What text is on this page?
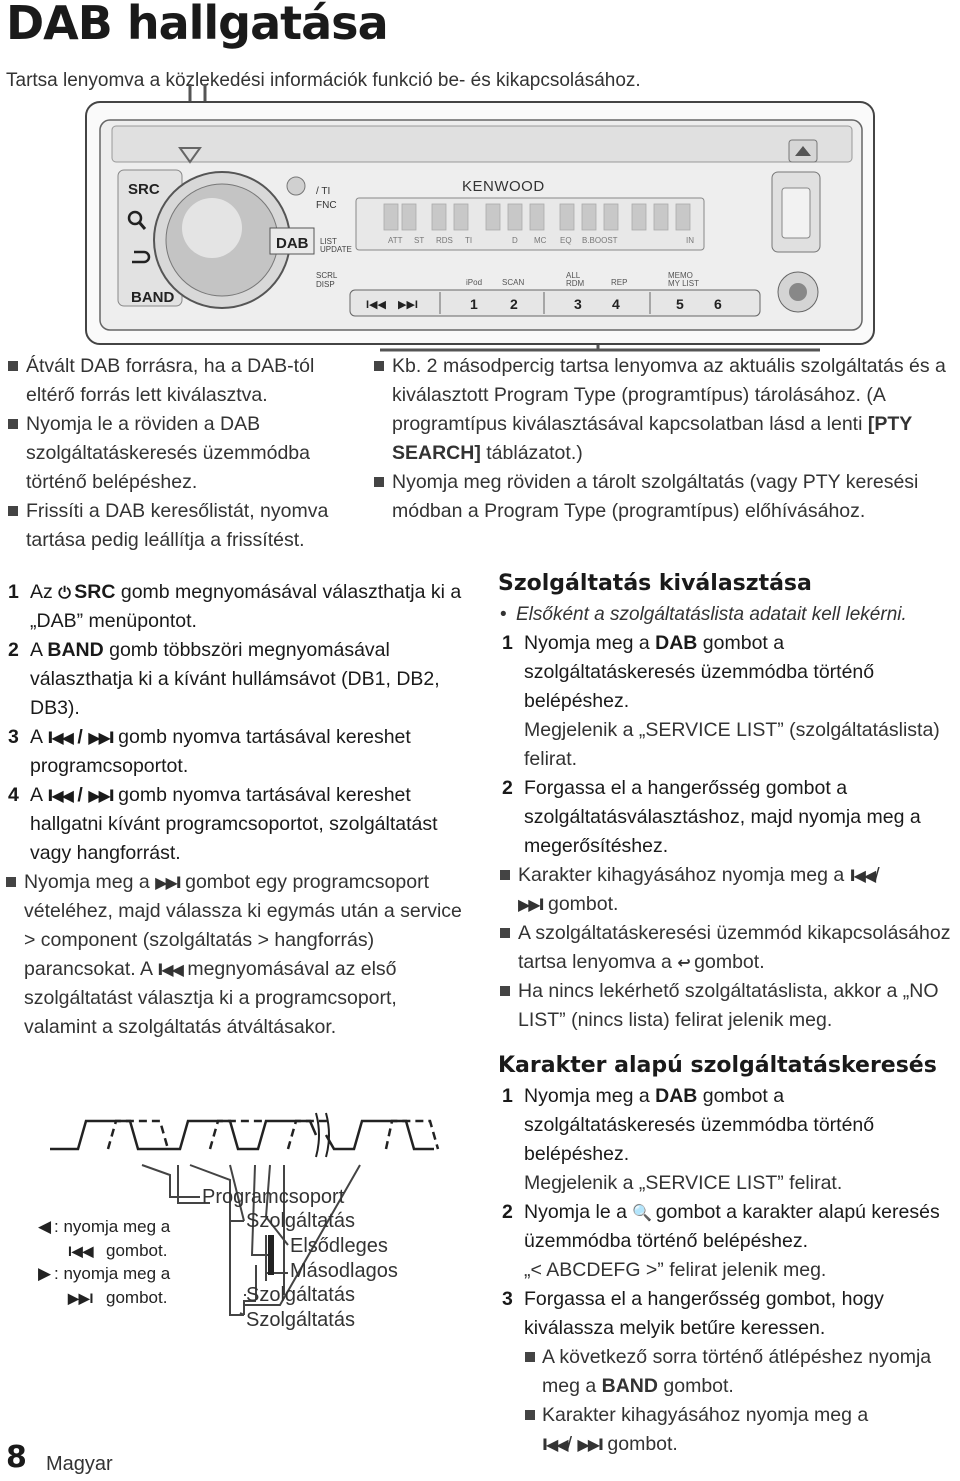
DAB hallgatása

Tartsa lenyomva a közlekedési információk funkció be- és kikapcsolásához.

SRC
BAND
/ TI
FNC
DAB LIST
UPDATE
SCRL
DISP
KENWOOD
ATT ST RDS TI	D MC EQ B.BOOST	IN
iPod SCAN
ALL
RDM	REP
MEMO
MY LIST
I◀◀ ▶▶I	1 2	3 4	5 6
Átvált DAB forrásra, ha a DAB-tól eltérő forrás lett kiválasztva.
Nyomja le a röviden a DAB szolgáltatáskeresés üzemmódba történő belépéshez.
Frissíti a DAB keresőlistát, nyomva tartása pedig leállítja a frissítést.
Kb. 2 másodpercig tartsa lenyomva az aktuális szolgáltatás és a kiválasztott Program Type (programtípus) tárolásához. (A programtípus kiválasztásával kapcsolatban lásd a lenti [PTY SEARCH] táblázatot.)
Nyomja meg röviden a tárolt szolgáltatás (vagy PTY keresési módban a Program Type (programtípus) előhívásához.
1 Az ⏻ SRC gomb megnyomásával választhatja ki a „DAB” menüpontot.
2 A BAND gomb többszöri megnyomásával választhatja ki a kívánt hullámsávot (DB1, DB2, DB3).
3 A I◀◀ / ▶▶I gomb nyomva tartásával kereshet programcsoportot.
4 A I◀◀ / ▶▶I gomb nyomva tartásával kereshet hallgatni kívánt programcsoportot, szolgáltatást vagy hangforrást.
Nyomja meg a ▶▶I gombot egy programcsoport vételéhez, majd válassza ki egymás után a service > component (szolgáltatás > hangforrás) parancsokat. A I◀◀ megnyomásával az első szolgáltatást választja ki a programcsoport, valamint a szolgáltatás átváltásakor.
Programcsoport
Szolgáltatás
Elsődleges
Másodlagos
Szolgáltatás
Szolgáltatás
◀ : nyomja meg a
I◀◀ gombot.
▶ : nyomja meg a
▶▶I gombot.
Szolgáltatás kiválasztása
• Elsőként a szolgáltatáslista adatait kell lekérni.
1 Nyomja meg a DAB gombot a szolgáltatáskeresés üzemmódba történő belépéshez.
Megjelenik a „SERVICE LIST” (szolgáltatáslista) felirat.
2 Forgassa el a hangerősség gombot a szolgáltatásválasztáshoz, majd nyomja meg a megerősítéshez.
Karakter kihagyásához nyomja meg a I◀◀/
▶▶I gombot.
A szolgáltatáskeresési üzemmód kikapcsolásához tartsa lenyomva a ↩ gombot.
Ha nincs lekérhető szolgáltatáslista, akkor a „NO LIST” (nincs lista) felirat jelenik meg.
Karakter alapú szolgáltatáskeresés
1 Nyomja meg a DAB gombot a szolgáltatáskeresés üzemmódba történő belépéshez.
Megjelenik a „SERVICE LIST” felirat.
2 Nyomja le a 🔍 gombot a karakter alapú keresés üzemmódba történő belépéshez.
„< ABCDEFG >” felirat jelenik meg.
3 Forgassa el a hangerősség gombot, hogy kiválassza melyik betűre keressen.
A következő sorra történő átlépéshez nyomja meg a BAND gombot.
Karakter kihagyásához nyomja meg a
I◀◀/ ▶▶I gombot.
8 Magyar
